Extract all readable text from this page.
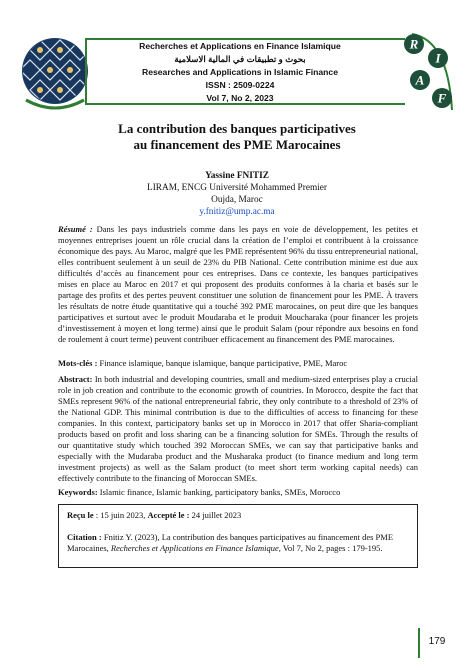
Recherches et Applications en Finance Islamique
بحوث و تطبيقات في المالية الاسلامية
Researches and Applications in Islamic Finance
ISSN : 2509-0224
Vol 7, No 2, 2023
R
I
A
F
La contribution des banques participatives
au financement des PME Marocaines
Yassine FNITIZ
LIRAM, ENCG Université Mohammed Premier
Oujda, Maroc
y.fnitiz@ump.ac.ma
Résumé : Dans les pays industriels comme dans les pays en voie de développement, les petites et moyennes entreprises jouent un rôle crucial dans la création de l’emploi et contribuent à la croissance économique des pays. Au Maroc, malgré que les PME représentent 96% du tissu entrepreneurial national, elles contribuent seulement à un seuil de 23% du PIB National. Cette contribution minime est due aux difficultés d’accès au financement pour ces entreprises. Dans ce contexte, les banques participatives mises en place au Maroc en 2017 et qui proposent des produits conformes à la charia et basés sur le partage des profits et des pertes peuvent constituer une solution de financement pour les PME. À travers les résultats de notre étude quantitative qui a touché 392 PME marocaines, on peut dire que les banques participatives et surtout avec le produit Moudaraba et le produit Moucharaka (pour financer les projets d’investissement à moyen et long terme) ainsi que le produit Salam (pour répondre aux besoins en fond de roulement à court terme) peuvent contribuer efficacement au financement des PME marocaines.
Mots-clés : Finance islamique, banque islamique, banque participative, PME, Maroc
Abstract: In both industrial and developing countries, small and medium-sized enterprises play a crucial role in job creation and contribute to the economic growth of countries. In Morocco, despite the fact that SMEs represent 96% of the national entrepreneurial fabric, they only contribute to a threshold of 23% of the National GDP. This minimal contribution is due to the difficulties of access to financing for these companies. In this context, participatory banks set up in Morocco in 2017 that offer Sharia-compliant products based on profit and loss sharing can be a financing solution for SMEs. Through the results of our quantitative study which touched 392 Moroccan SMEs, we can say that participative banks and especially with the Mudaraba product and the Musharaka product (to finance medium and long term investment projects) as well as the Salam product (to meet short term working capital needs) can effectively contribute to the financing of Moroccan SMEs.
Keywords: Islamic finance, Islamic banking, participatory banks, SMEs, Morocco

Reçu le : 15 juin 2023, Accepté le : 24 juillet 2023

Citation : Fnitiz Y. (2023), La contribution des banques participatives au financement des PME Marocaines, Recherches et Applications en Finance Islamique, Vol 7, No 2, pages : 179-195.

179
